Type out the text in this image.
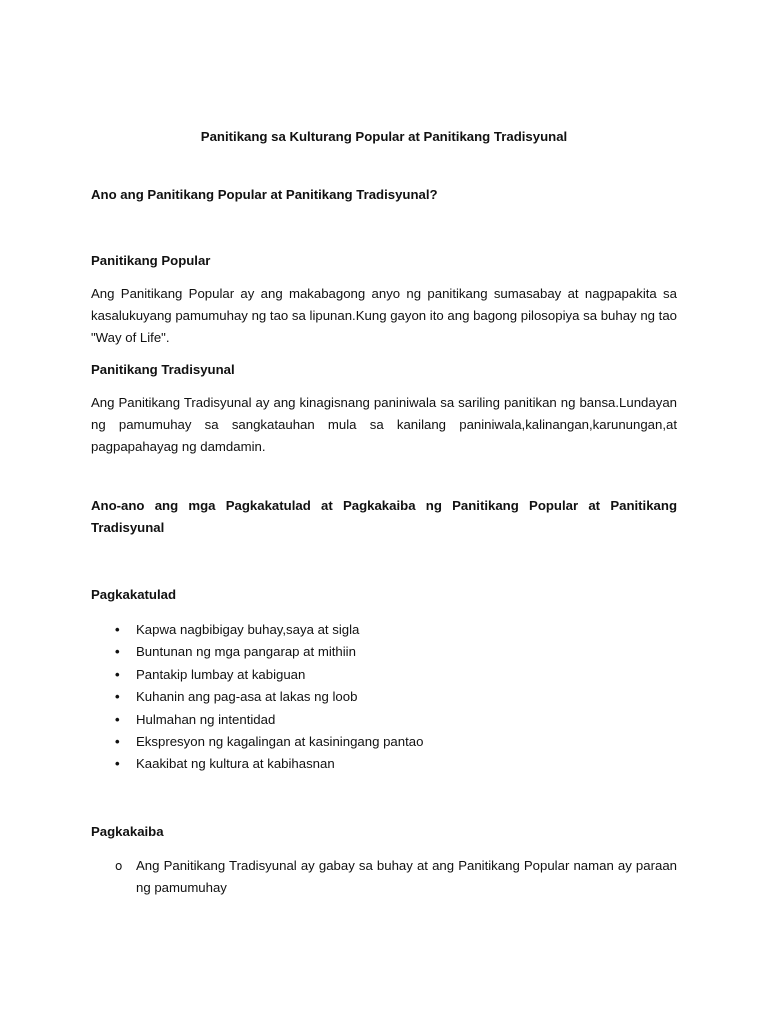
Panitikang sa Kulturang Popular at Panitikang Tradisyunal

Ano ang Panitikang Popular at Panitikang Tradisyunal?

Panitikang Popular

Ang Panitikang Popular ay ang makabagong anyo ng panitikang sumasabay at nagpapakita sa kasalukuyang pamumuhay ng tao sa lipunan.Kung gayon ito ang bagong pilosopiya sa buhay ng tao "Way of Life".

Panitikang Tradisyunal

Ang Panitikang Tradisyunal ay ang kinagisnang paniniwala sa sariling panitikan ng bansa.Lundayan ng pamumuhay sa sangkatauhan mula sa kanilang paniniwala,kalinangan,karunungan,at pagpapahayag ng damdamin.

Ano-ano ang mga Pagkakatulad at Pagkakaiba ng Panitikang Popular at Panitikang Tradisyunal

Pagkakatulad

• Kapwa nagbibigay buhay,saya at sigla
• Buntunan ng mga pangarap at mithiin
• Pantakip lumbay at kabiguan
• Kuhanin ang pag-asa at lakas ng loob
• Hulmahan ng intentidad
• Ekspresyon ng kagalingan at kasiningang pantao
• Kaakibat ng kultura at kabihasnan

Pagkakaiba

o Ang Panitikang Tradisyunal ay gabay sa buhay at ang Panitikang Popular naman ay paraan ng pamumuhay
